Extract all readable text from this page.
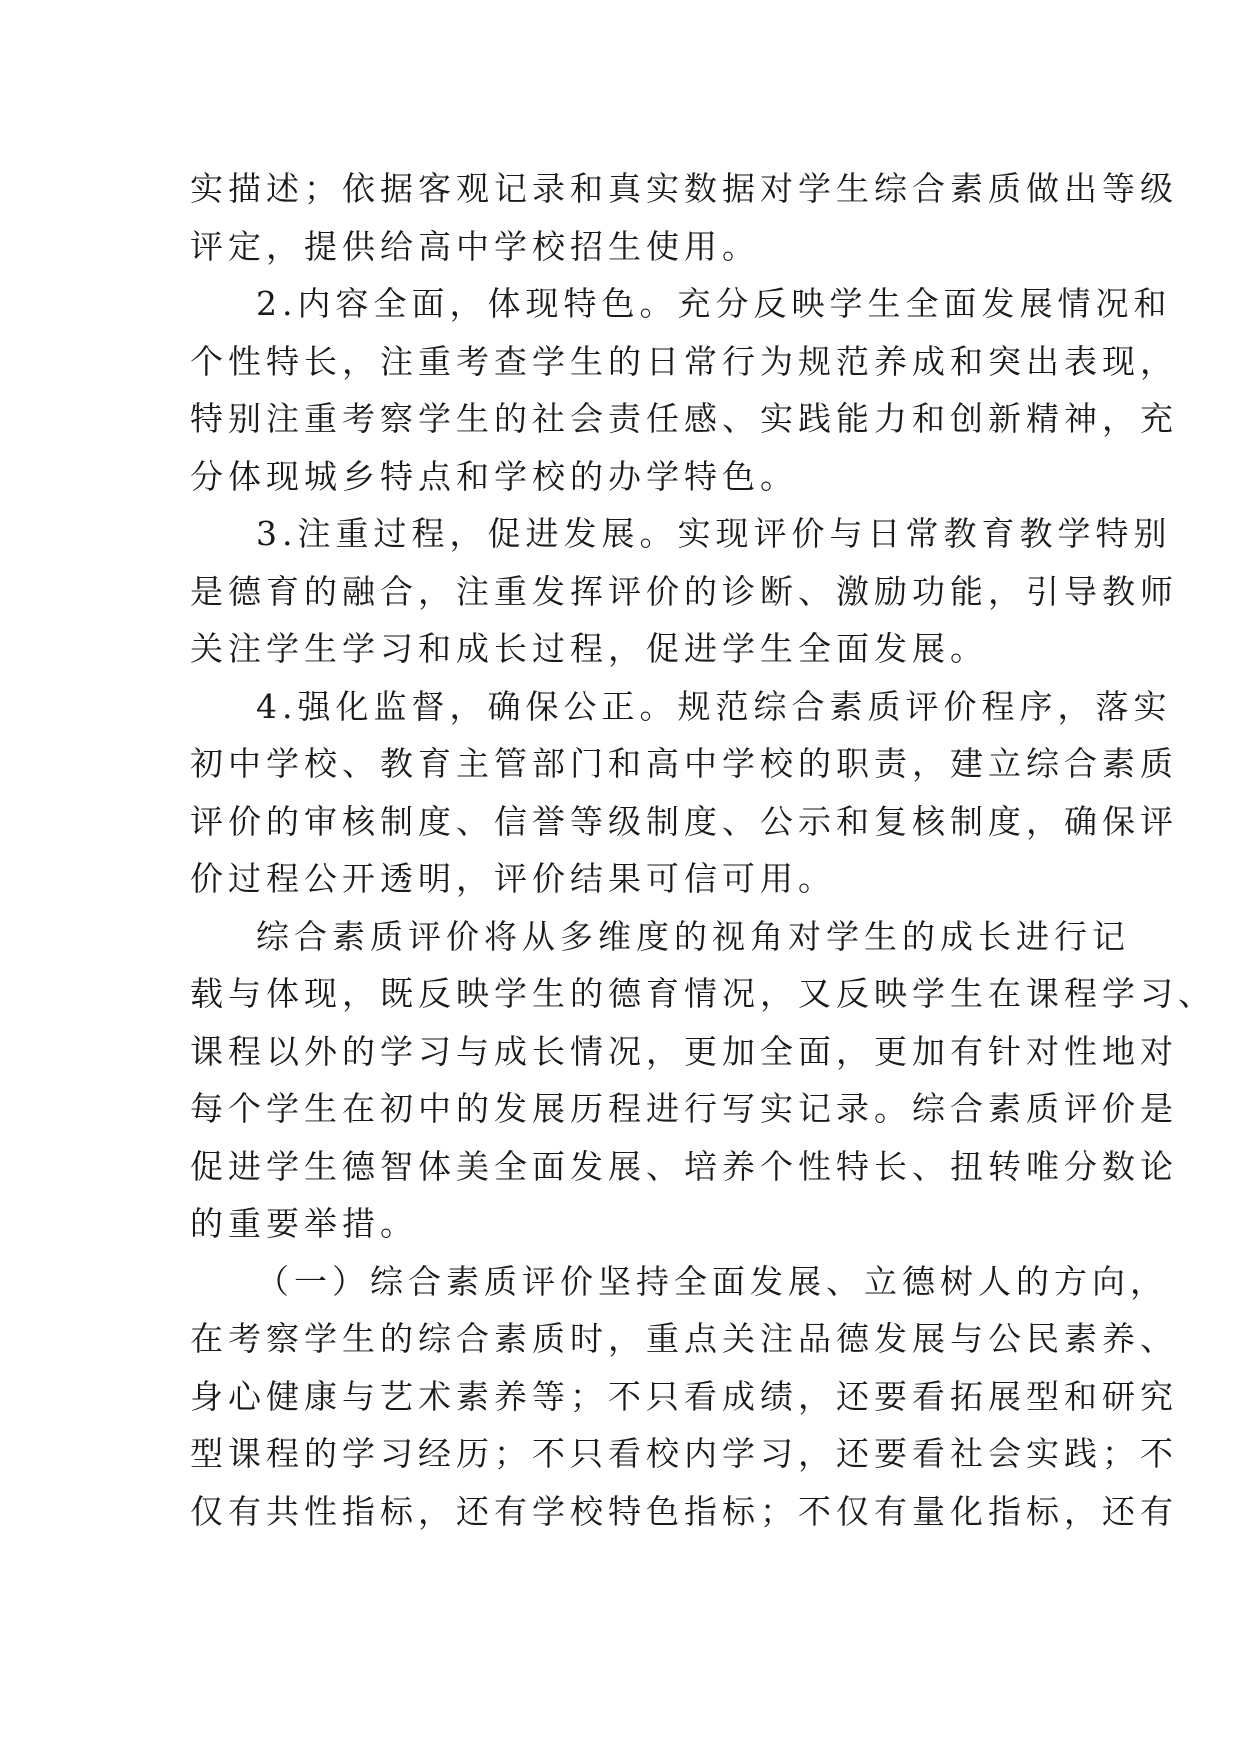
实描述；依据客观记录和真实数据对学生综合素质做出等级
评定，提供给高中学校招生使用。
2.内容全面，体现特色。充分反映学生全面发展情况和
个性特长，注重考查学生的日常行为规范养成和突出表现，
特别注重考察学生的社会责任感、实践能力和创新精神，充
分体现城乡特点和学校的办学特色。
3.注重过程，促进发展。实现评价与日常教育教学特别
是德育的融合，注重发挥评价的诊断、激励功能，引导教师
关注学生学习和成长过程，促进学生全面发展。
4.强化监督，确保公正。规范综合素质评价程序，落实
初中学校、教育主管部门和高中学校的职责，建立综合素质
评价的审核制度、信誉等级制度、公示和复核制度，确保评
价过程公开透明，评价结果可信可用。
综合素质评价将从多维度的视角对学生的成长进行记
载与体现，既反映学生的德育情况，又反映学生在课程学习、
课程以外的学习与成长情况，更加全面，更加有针对性地对
每个学生在初中的发展历程进行写实记录。综合素质评价是
促进学生德智体美全面发展、培养个性特长、扭转唯分数论
的重要举措。
（一）综合素质评价坚持全面发展、立德树人的方向，
在考察学生的综合素质时，重点关注品德发展与公民素养、
身心健康与艺术素养等；不只看成绩，还要看拓展型和研究
型课程的学习经历；不只看校内学习，还要看社会实践；不
仅有共性指标，还有学校特色指标；不仅有量化指标，还有
